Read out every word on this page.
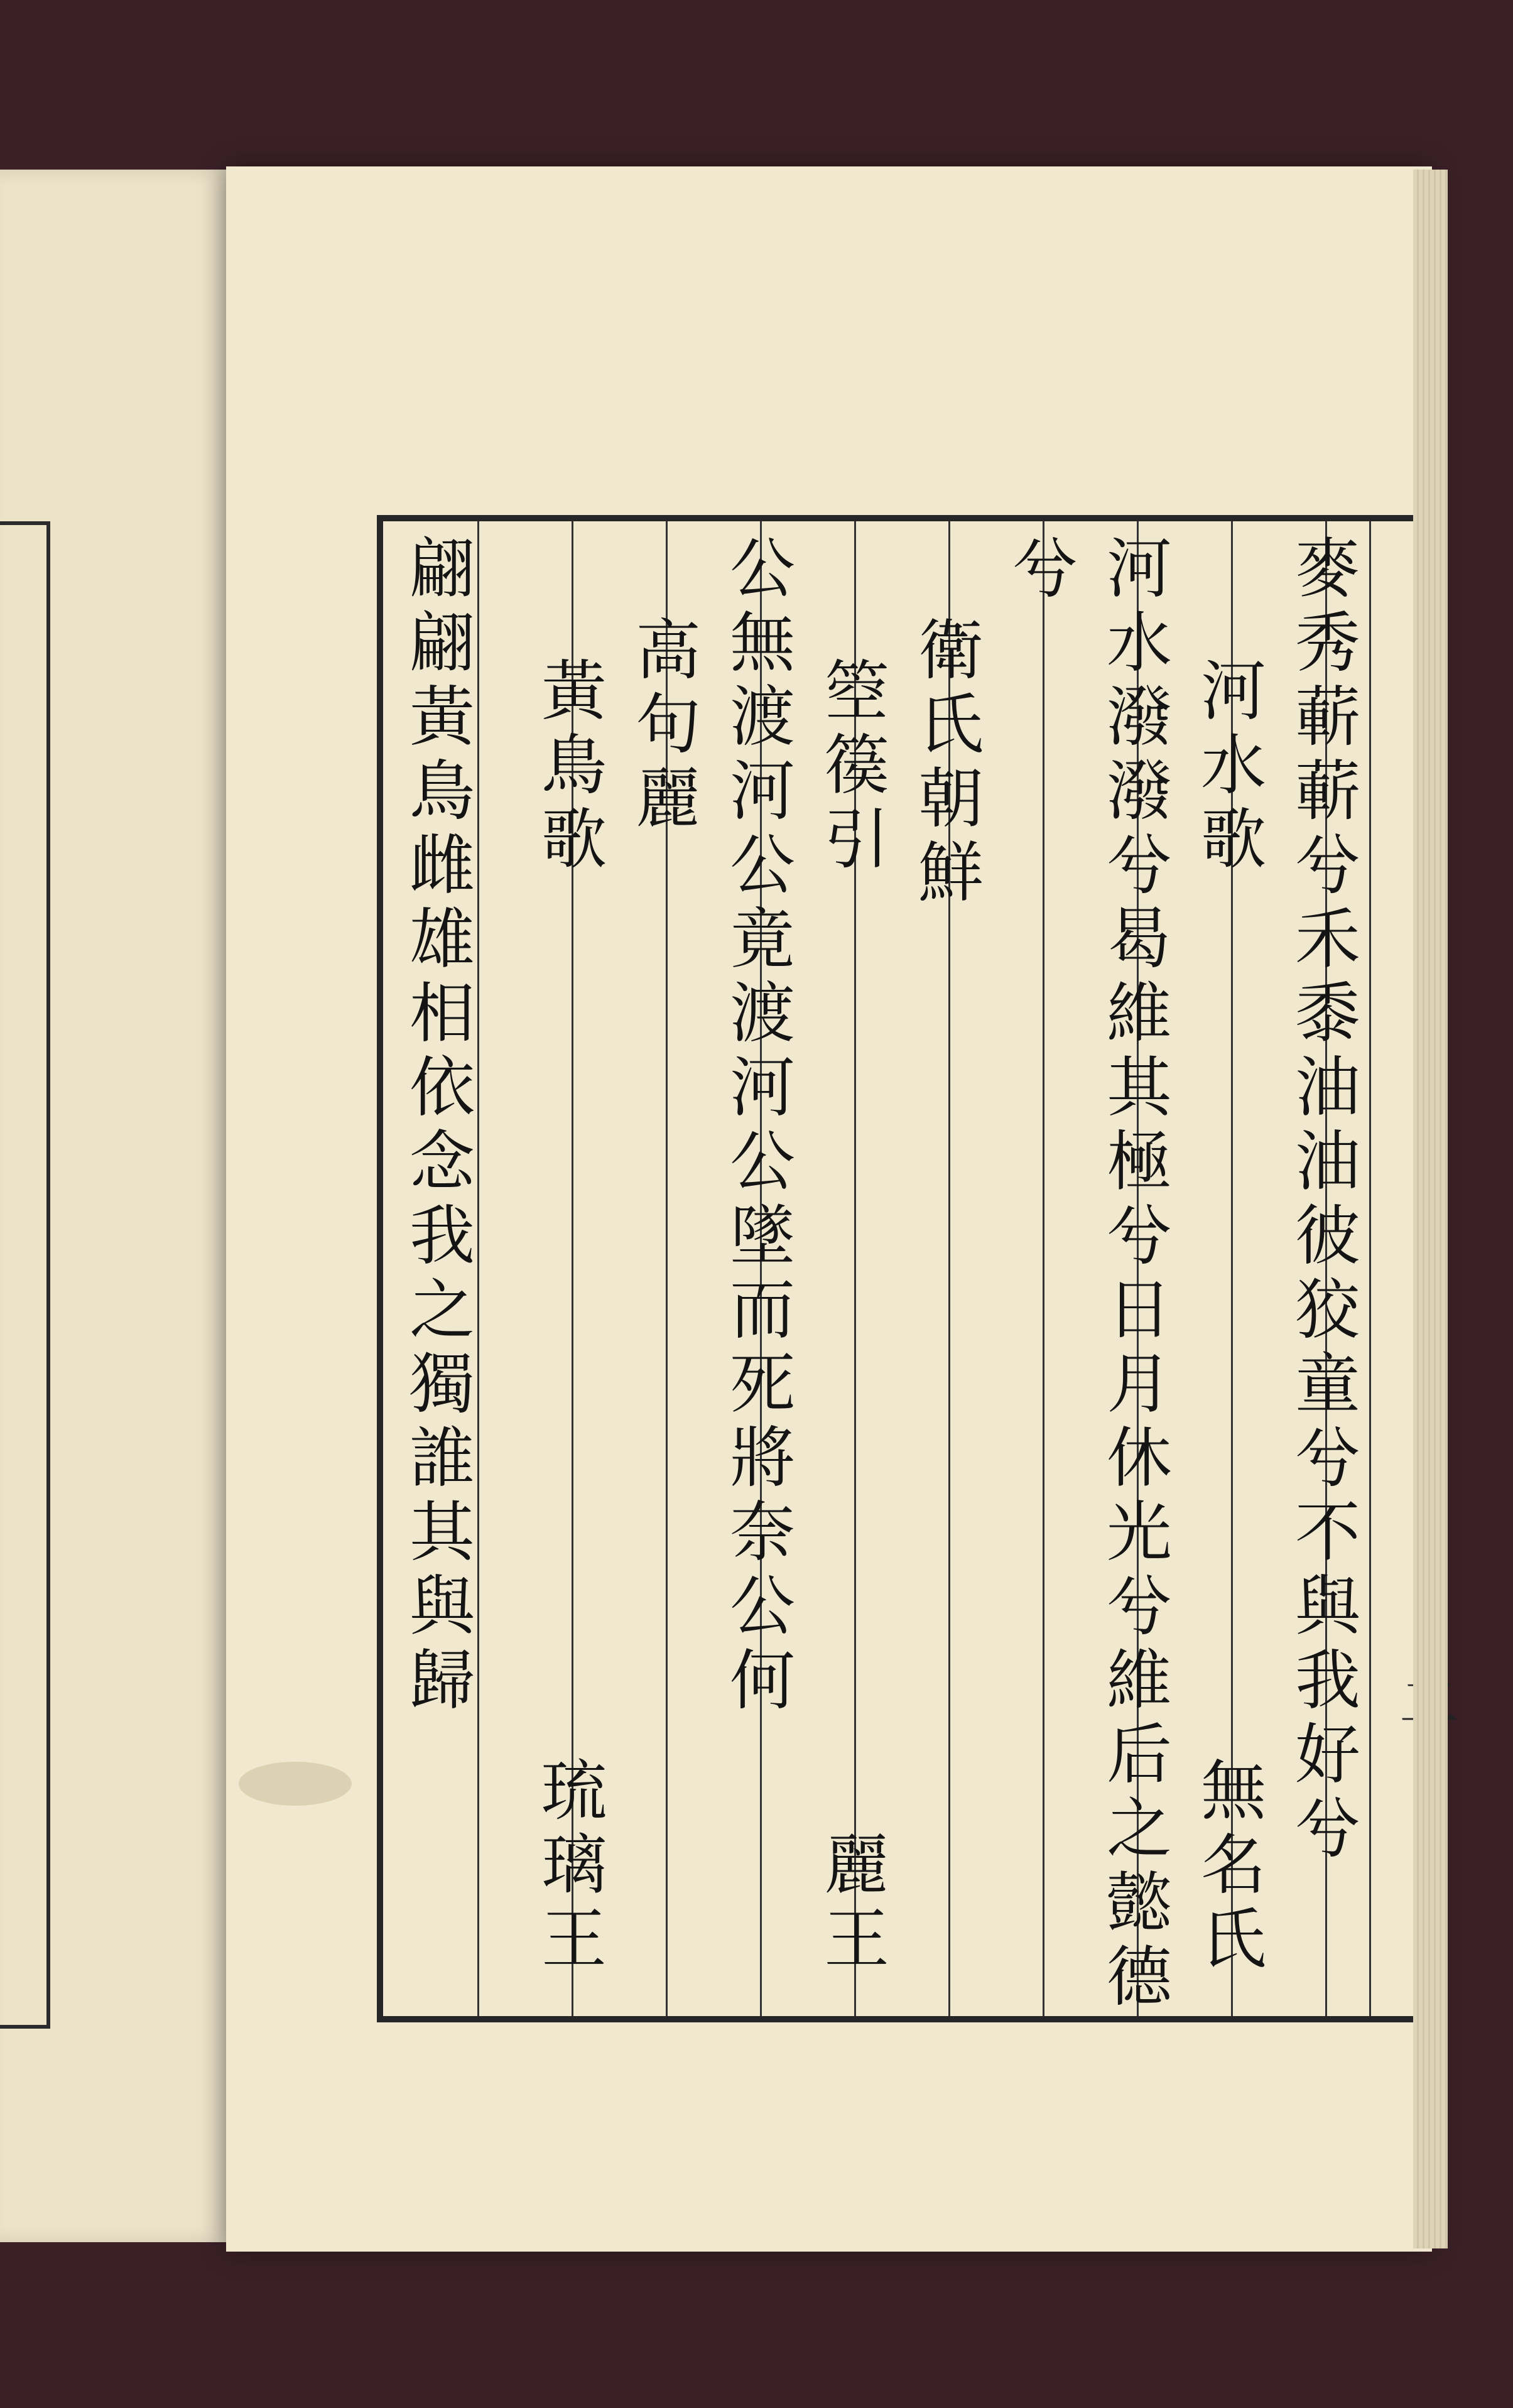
麥秀蔪蔪兮禾黍油油彼狡童兮不與我好兮
河水歌
無名氏
河水潑潑兮曷維其極兮日月休光兮維后之懿德
兮
衛氏朝鮮
箜篌引
麗王
公無渡河公竟渡河公墜而死將奈公何
高句麗
黃鳥歌
琉璃王
翩翩黃鳥雌雄相依念我之獨誰其與歸
